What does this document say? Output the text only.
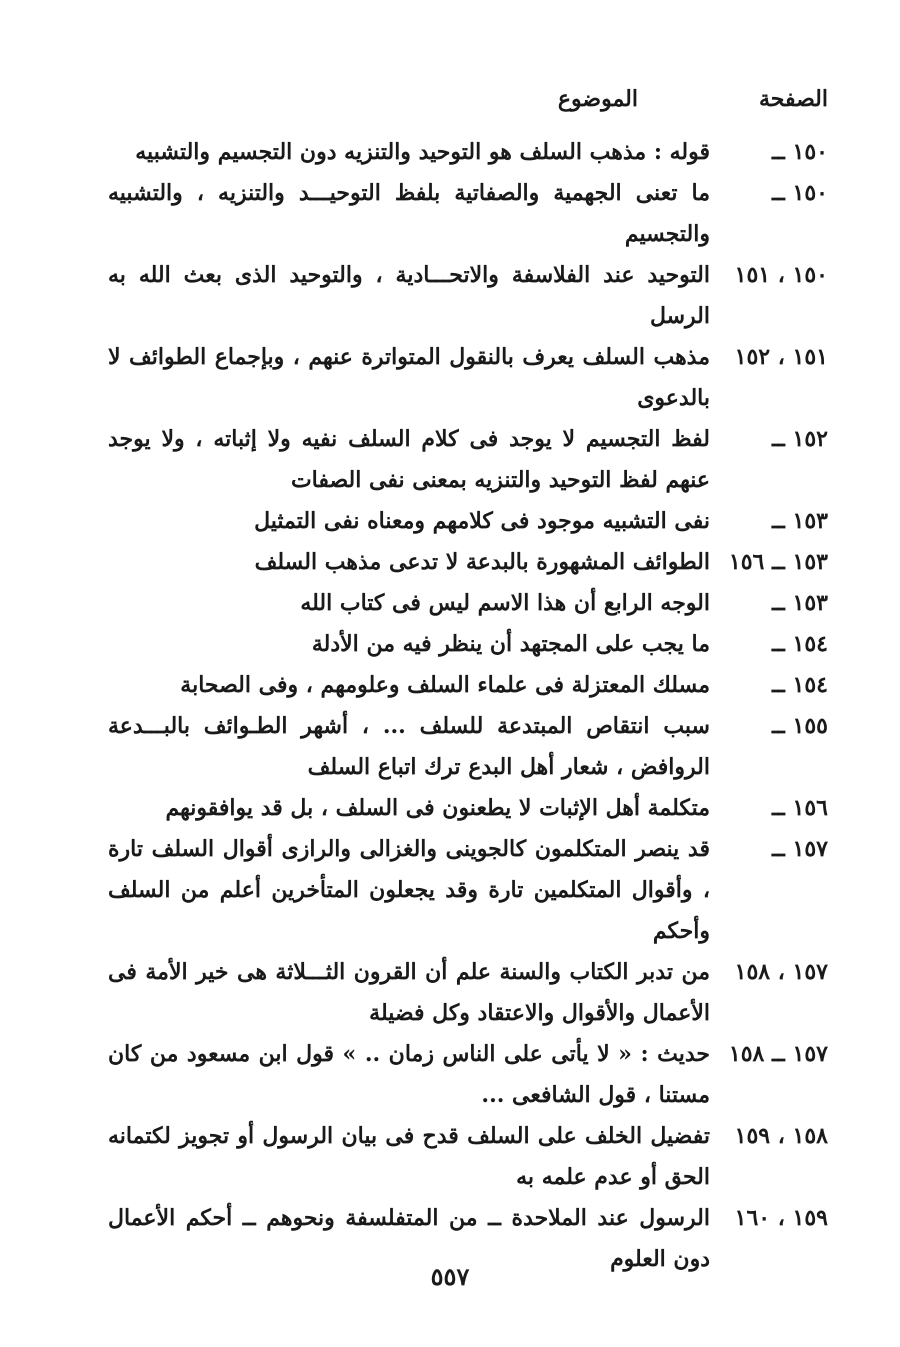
الصفحة
الموضوع
١٥٠ ــ
قوله : مذهب السلف هو التوحيد والتنزيه دون التجسيم والتشبيه
١٥٠ ــ
ما تعنى الجهمية والصفاتية بلفظ التوحيـــد والتنزيه ، والتشبيه والتجسيم
١٥٠ ، ١٥١
التوحيد عند الفلاسفة والاتحـــادية ، والتوحيد الذى بعث الله به الرسل
١٥١ ، ١٥٢
مذهب السلف يعرف بالنقول المتواترة عنهم ، وبإجماع الطوائف لا بالدعوى
١٥٢ ــ
لفظ التجسيم لا يوجد فى كلام السلف نفيه ولا إثباته ، ولا يوجد عنهم لفظ التوحيد والتنزيه بمعنى نفى الصفات
١٥٣ ــ
نفى التشبيه موجود فى كلامهم ومعناه نفى التمثيل
١٥٣ ــ ١٥٦
الطوائف المشهورة بالبدعة لا تدعى مذهب السلف
١٥٣ ــ
الوجه الرابع أن هذا الاسم ليس فى كتاب الله
١٥٤ ــ
ما يجب على المجتهد أن ينظر فيه من الأدلة
١٥٤ ــ
مسلك المعتزلة فى علماء السلف وعلومهم ، وفى الصحابة
١٥٥ ــ
سبب انتقاص المبتدعة للسلف ... ، أشهر الطـوائف بالبـــدعة الروافض ، شعار أهل البدع ترك اتباع السلف
١٥٦ ــ
متكلمة أهل الإثبات لا يطعنون فى السلف ، بل قد يوافقونهم
١٥٧ ــ
قد ينصر المتكلمون كالجوينى والغزالى والرازى أقوال السلف تارة ، وأقوال المتكلمين تارة وقد يجعلون المتأخرين أعلم من السلف وأحكم
١٥٧ ، ١٥٨
من تدبر الكتاب والسنة علم أن القرون الثـــلاثة هى خير الأمة فى الأعمال والأقوال والاعتقاد وكل فضيلة
١٥٧ ــ ١٥٨
حديث : « لا يأتى على الناس زمان .. » قول ابن مسعود من كان مستنا ، قول الشافعى ...
١٥٨ ، ١٥٩
تفضيل الخلف على السلف قدح فى بيان الرسول أو تجويز لكتمانه الحق أو عدم علمه به
١٥٩ ، ١٦٠
الرسول عند الملاحدة ــ من المتفلسفة ونحوهم ــ أحكم الأعمال دون العلوم
٥٥٧
